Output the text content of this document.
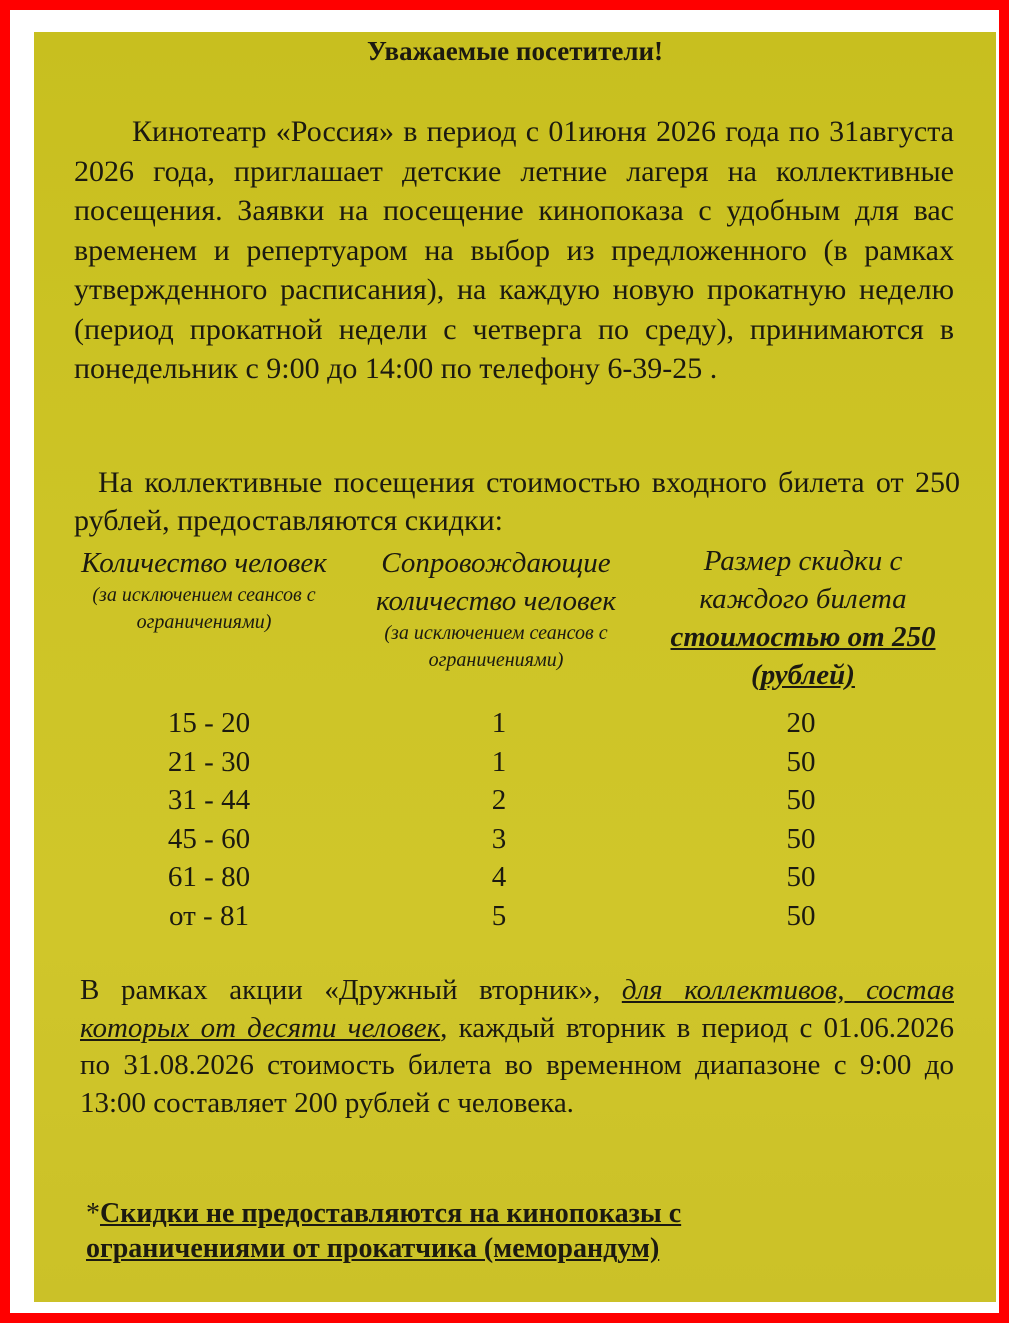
Уважаемые посетители!
Кинотеатр «Россия» в период с 01июня 2026 года по 31августа 2026 года, приглашает детские летние лагеря на коллективные посещения. Заявки на посещение кинопоказа с удобным для вас временем и репертуаром на выбор из предложенного (в рамках утвержденного расписания), на каждую новую прокатную неделю (период прокатной недели с четверга по среду), принимаются в понедельник с 9:00 до 14:00 по телефону 6-39-25 .
На коллективные посещения стоимостью входного билета от 250 рублей, предоставляются скидки:
Количество человек
(за исключением сеансов с ограничениями)
Сопровождающие количество человек
(за исключением сеансов с ограничениями)
Размер скидки с каждого билета
стоимостью от 250 (рублей)
15 - 20
21 - 30
31 - 44
45 - 60
61 - 80
от - 81
1
1
2
3
4
5
20
50
50
50
50
50
В рамках акции «Дружный вторник», для коллективов, состав которых от десяти человек, каждый вторник в период с 01.06.2026 по 31.08.2026 стоимость билета во временном диапазоне с 9:00 до 13:00 составляет 200 рублей с человека.
*Скидки не предоставляются на кинопоказы с ограничениями от прокатчика (меморандум)
